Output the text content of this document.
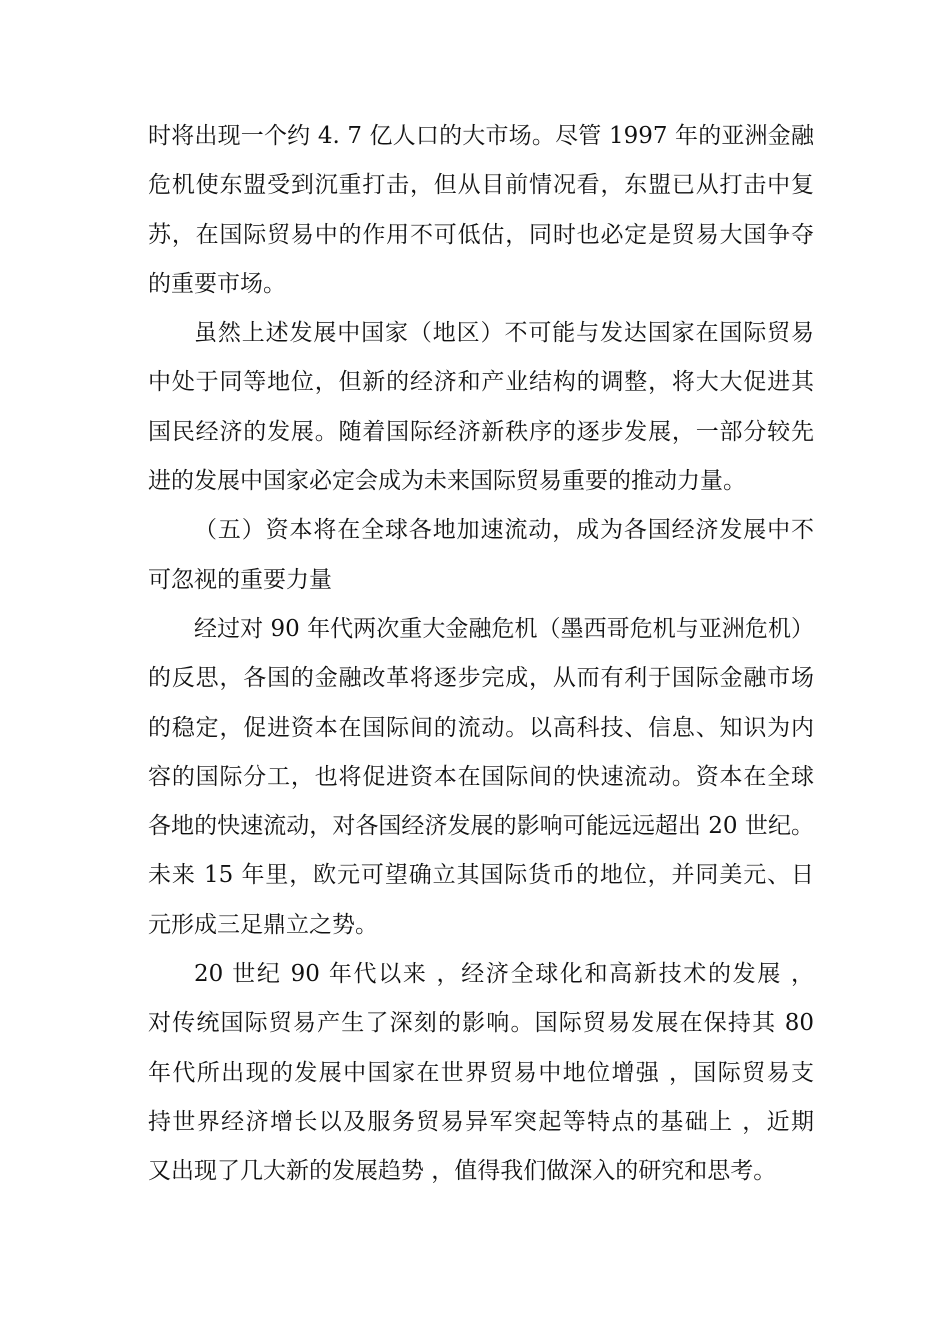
时将出现一个约 4. 7 亿人口的大市场。尽管 1997 年的亚洲金融
危机使东盟受到沉重打击，但从目前情况看，东盟已从打击中复
苏，在国际贸易中的作用不可低估，同时也必定是贸易大国争夺
的重要市场。
虽然上述发展中国家（地区）不可能与发达国家在国际贸易
中处于同等地位，但新的经济和产业结构的调整，将大大促进其
国民经济的发展。随着国际经济新秩序的逐步发展，一部分较先
进的发展中国家必定会成为未来国际贸易重要的推动力量。
（五）资本将在全球各地加速流动，成为各国经济发展中不
可忽视的重要力量
经过对 90 年代两次重大金融危机（墨西哥危机与亚洲危机）
的反思，各国的金融改革将逐步完成，从而有利于国际金融市场
的稳定，促进资本在国际间的流动。以高科技、信息、知识为内
容的国际分工，也将促进资本在国际间的快速流动。资本在全球
各地的快速流动，对各国经济发展的影响可能远远超出 20 世纪。
未来 15 年里，欧元可望确立其国际货币的地位，并同美元、日
元形成三足鼎立之势。
20 世纪 90 年代以来 ，经济全球化和高新技术的发展 ，
对传统国际贸易产生了深刻的影响。国际贸易发展在保持其 80
年代所出现的发展中国家在世界贸易中地位增强 ，国际贸易支
持世界经济增长以及服务贸易异军突起等特点的基础上 ，近期
又出现了几大新的发展趋势 ，值得我们做深入的研究和思考。
